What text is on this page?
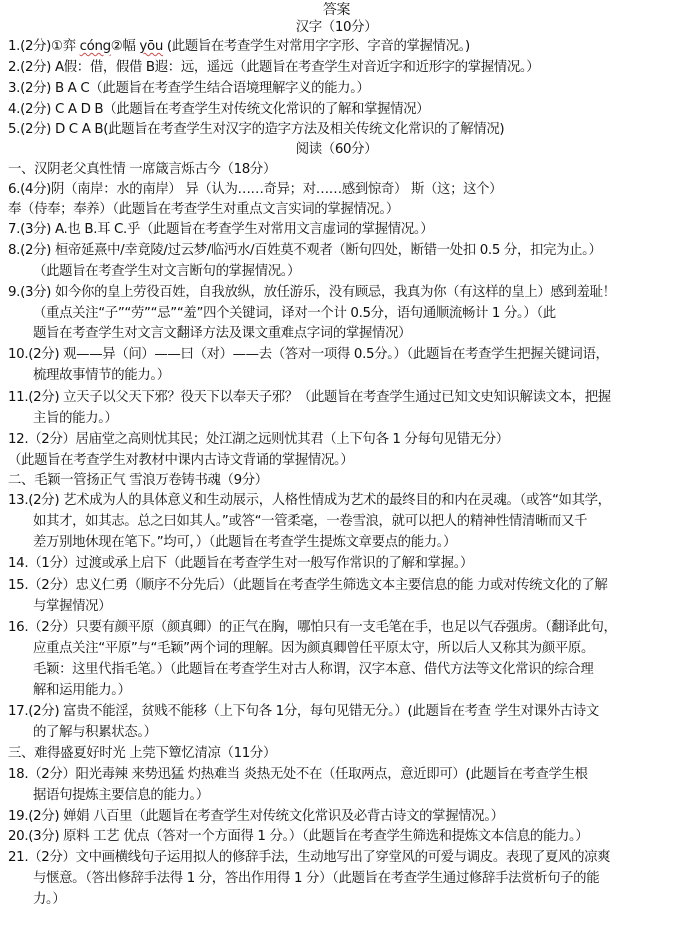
答案
汉字（10分）
1.(2分)①弈 cóng②幅 yōu (此题旨在考查学生对常用字字形、字音的掌握情况。)
2.(2分) A假：借，假借 B遐：远，遥远（此题旨在考查学生对音近字和近形字的掌握情况。）
3.(2分) B A C（此题旨在考查学生结合语境理解字义的能力。）
4.(2分) C A D B（此题旨在考查学生对传统文化常识的了解和掌握情况）
5.(2分) D C A B(此题旨在考查学生对汉字的造字方法及相关传统文化常识的了解情况)
阅读（60分）
一、汉阴老父真性情 一席箴言烁古今（18分）
6.(4分)阴（南岸：水的南岸） 异（认为……奇异；对……感到惊奇） 斯（这；这个）
奉（侍奉；奉养）（此题旨在考查学生对重点文言实词的掌握情况。）
7.(3分) A.也 B.耳 C.乎（此题旨在考查学生对常用文言虚词的掌握情况。）
8.(2分) 桓帝延熹中/幸竟陵/过云梦/临沔水/百姓莫不观者（断句四处，断错一处扣 0.5 分，扣完为止。）
（此题旨在考查学生对文言断句的掌握情况。）
9.(3分) 如今你的皇上劳役百姓，自我放纵，放任游乐，没有顾忌，我真为你（有这样的皇上）感到羞耻！
（重点关注“子”“劳”“忌”“羞”四个关键词，译对一个计 0.5分，语句通顺流畅计 1 分。）（此
题旨在考查学生对文言文翻译方法及课文重难点字词的掌握情况）
10.(2分) 观——异（问）——曰（对）——去（答对一项得 0.5分。）（此题旨在考查学生把握关键词语，
梳理故事情节的能力。）
11.(2分) 立天子以父天下邪？役天下以奉天子邪？（此题旨在考查学生通过已知文史知识解读文本，把握
主旨的能力。）
12.（2分）居庙堂之高则忧其民；处江湖之远则忧其君（上下句各 1 分每句见错无分）
（此题旨在考查学生对教材中课内古诗文背诵的掌握情况。）
二、毛颖一管扬正气 雪浪万卷铸书魂（9分）
13.(2分) 艺术成为人的具体意义和生动展示，人格性情成为艺术的最终目的和内在灵魂。（或答“如其学，
如其才，如其志。总之曰如其人。”或答“一管柔毫，一卷雪浪，就可以把人的精神性情清晰而又千
差万别地休现在笔下。”均可，）（此题旨在考查学生提炼文章要点的能力。）
14.（1分）过渡或承上启下（此题旨在考查学生对一般写作常识的了解和掌握。）
15.（2分）忠义仁勇（顺序不分先后）（此题旨在考查学生筛选文本主要信息的能 力或对传统文化的了解
与掌握情况）
16.（2分）只要有颜平原（颜真卿）的正气在胸，哪怕只有一支毛笔在手，也足以气吞强虏。（翻译此句，
应重点关注“平原”与“毛颖”两个词的理解。因为颜真卿曾任平原太守，所以后人又称其为颜平原。
毛颖：这里代指毛笔。）（此题旨在考查学生对古人称谓，汉字本意、借代方法等文化常识的综合理
解和运用能力。）
17.(2分) 富贵不能淫，贫贱不能移（上下句各 1分，每句见错无分。）(此题旨在考查 学生对课外古诗文
的了解与积累状态。）
三、难得盛夏好时光 上莞下簟忆清凉（11分）
18.（2分）阳光毒辣 来势迅猛 灼热难当 炎热无处不在（任取两点，意近即可）(此题旨在考查学生根
据语句提炼主要信息的能力。）
19.(2分) 婵娟 八百里（此题旨在考查学生对传统文化常识及必背古诗文的掌握情况。）
20.(3分) 原料 工艺 优点（答对一个方面得 1 分。）（此题旨在考查学生筛选和提炼文本信息的能力。）
21.（2分）文中画横线句子运用拟人的修辞手法，生动地写出了穿堂风的可爱与调皮。表现了夏风的凉爽
与惬意。（答出修辞手法得 1 分，答出作用得 1 分）（此题旨在考查学生通过修辞手法赏析句子的能
力。）
